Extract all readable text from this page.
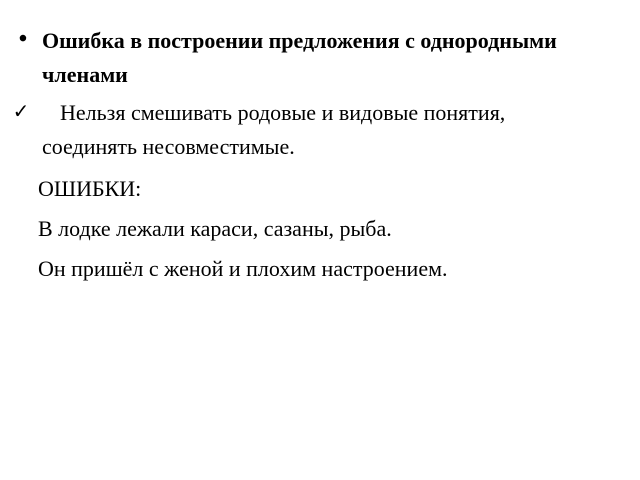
• Ошибка в построении предложения с однородными членами
✓	Нельзя смешивать родовые и видовые понятия, соединять несовместимые.
ОШИБКИ:
В лодке лежали караси, сазаны, рыба.
Он пришёл с женой и плохим настроением.
